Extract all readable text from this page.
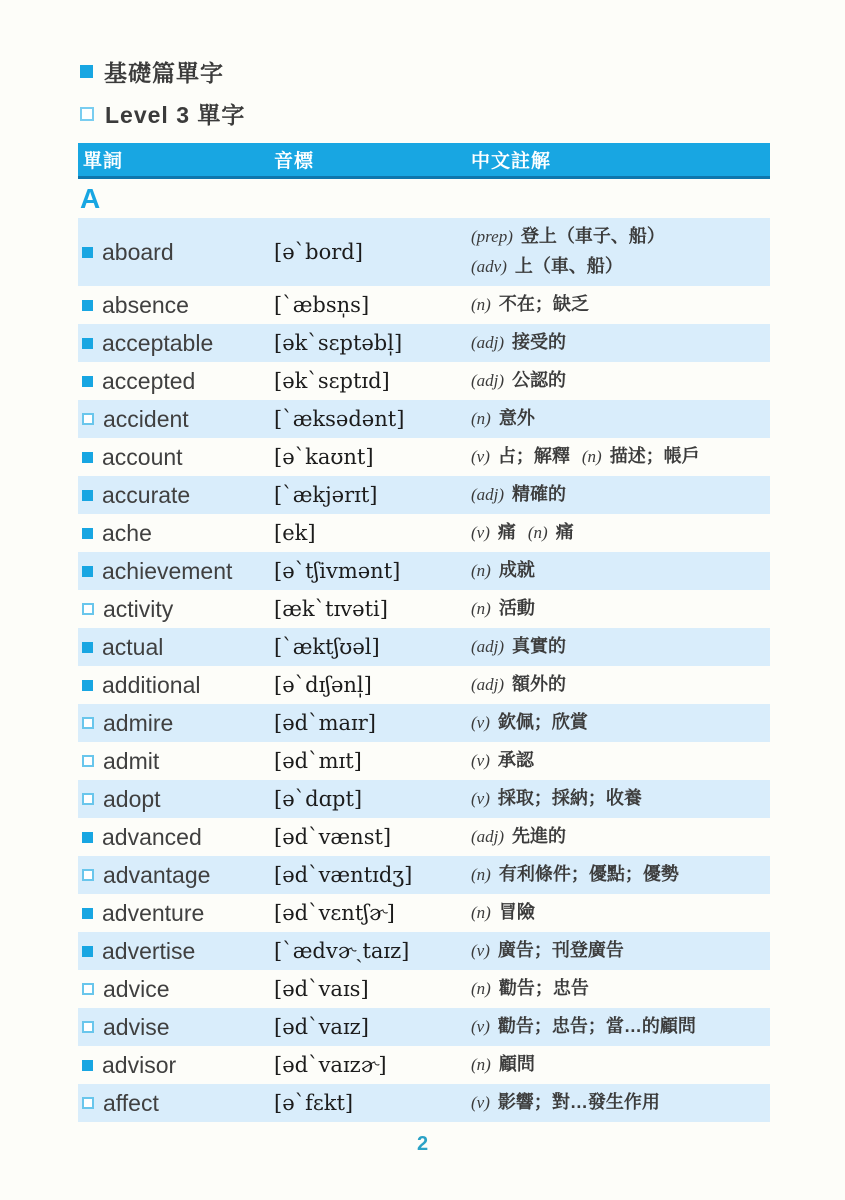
基礎篇單字
Level 3 單字
單詞	音標	中文註解
A
aboard	[əˋbord]
(prep) 登上（車子、船）
(adv) 上（車、船）
absence	[ˋæbsn̩s]	(n) 不在；缺乏
acceptable	[əkˋsɛptəbl̩]	(adj) 接受的
accepted	[əkˋsɛptɪd]	(adj) 公認的
accident	[ˋæksədənt]	(n) 意外
account	[əˋkaʊnt]	(v) 占；解釋 (n) 描述；帳戶
accurate	[ˋækjərɪt]	(adj) 精確的
ache	[ek]	(v) 痛 (n) 痛
achievement [əˋtʃivmənt]	(n) 成就
activity	[ækˋtɪvəti]	(n) 活動
actual	[ˋæktʃʊəl]	(adj) 真實的
additional	[əˋdɪʃənl̩]	(adj) 額外的
admire	[ədˋmaɪr]	(v) 欽佩；欣賞
admit	[ədˋmɪt]	(v) 承認
adopt	[əˋdɑpt]	(v) 採取；採納；收養
advanced	[ədˋvænst]	(adj) 先進的
advantage	[ədˋvæntɪdʒ]	(n) 有利條件；優點；優勢
adventure	[ədˋvɛntʃɚ]	(n) 冒險
advertise	[ˋædvɚˏtaɪz]	(v) 廣告；刊登廣告
advice	[ədˋvaɪs]	(n) 勸告；忠告
advise	[ədˋvaɪz]	(v) 勸告；忠告；當…的顧問
advisor	[ədˋvaɪzɚ]	(n) 顧問
affect	[əˋfɛkt]	(v) 影響；對…發生作用
2
